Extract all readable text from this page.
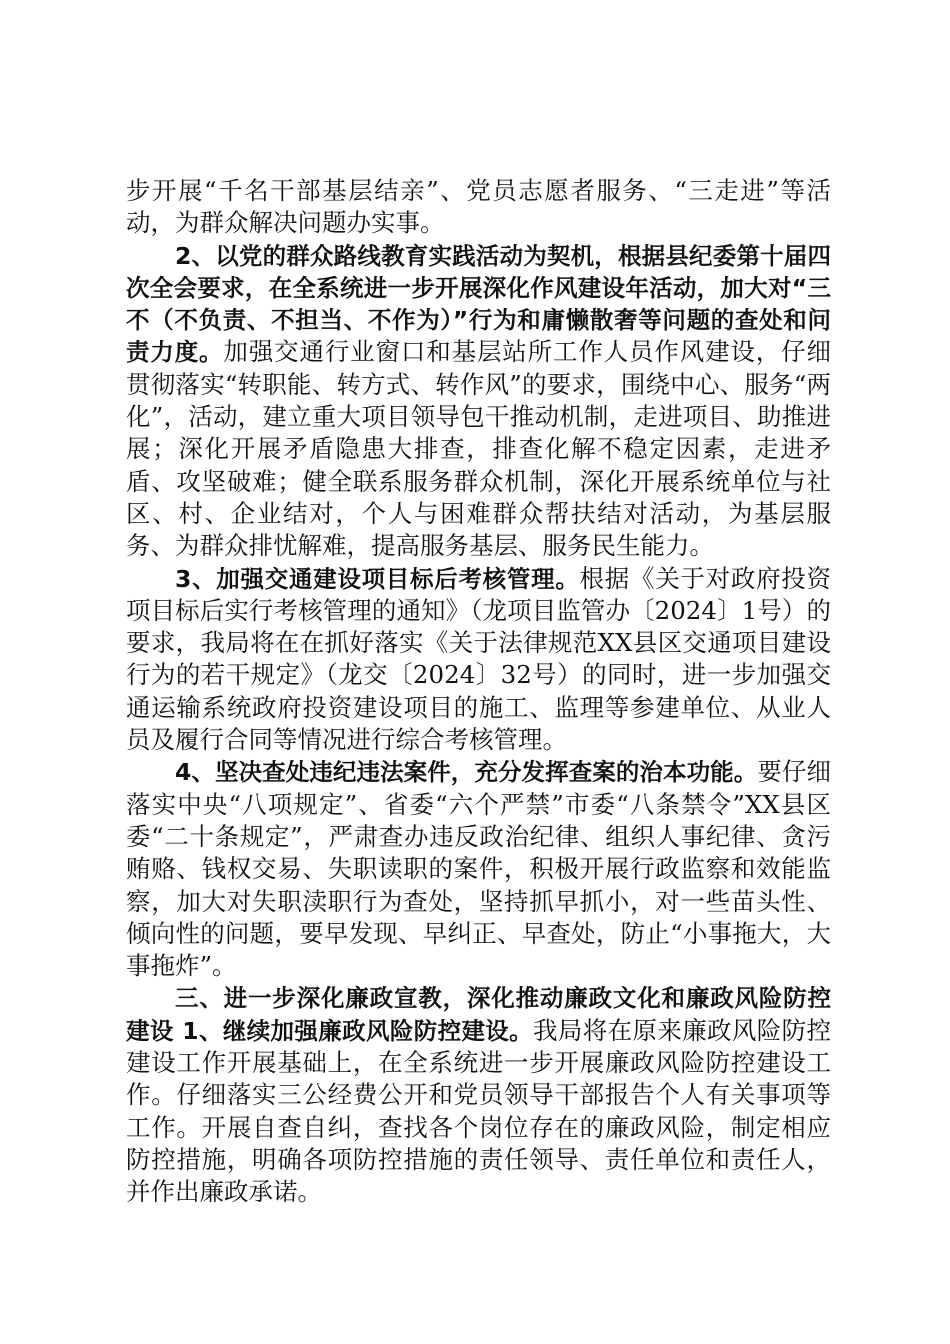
步开展“千名干部基层结亲”、党员志愿者服务、“三走进”等活动，为群众解决问题办实事。

2、以党的群众路线教育实践活动为契机，根据县纪委第十届四次全会要求，在全系统进一步开展深化作风建设年活动，加大对“三不（不负责、不担当、不作为）”行为和庸懒散奢等问题的查处和问责力度。加强交通行业窗口和基层站所工作人员作风建设，仔细贯彻落实“转职能、转方式、转作风”的要求，围绕中心、服务“两化”，活动，建立重大项目领导包干推动机制，走进项目、助推进展；深化开展矛盾隐患大排查，排查化解不稳定因素，走进矛盾、攻坚破难；健全联系服务群众机制，深化开展系统单位与社区、村、企业结对，个人与困难群众帮扶结对活动，为基层服务、为群众排忧解难，提高服务基层、服务民生能力。

3、加强交通建设项目标后考核管理。根据《关于对政府投资项目标后实行考核管理的通知》（龙项目监管办〔2024〕1号）的要求，我局将在在抓好落实《关于法律规范XX县区交通项目建设行为的若干规定》（龙交〔2024〕32号）的同时，进一步加强交通运输系统政府投资建设项目的施工、监理等参建单位、从业人员及履行合同等情况进行综合考核管理。

4、坚决查处违纪违法案件，充分发挥查案的治本功能。要仔细落实中央“八项规定”、省委“六个严禁”市委“八条禁令”XX县区委“二十条规定”，严肃查办违反政治纪律、组织人事纪律、贪污贿赂、钱权交易、失职读职的案件，积极开展行政监察和效能监察，加大对失职渎职行为查处，坚持抓早抓小，对一些苗头性、倾向性的问题，要早发现、早纠正、早查处，防止“小事拖大，大事拖炸”。

三、进一步深化廉政宣教，深化推动廉政文化和廉政风险防控建设 1、继续加强廉政风险防控建设。我局将在原来廉政风险防控建设工作开展基础上，在全系统进一步开展廉政风险防控建设工作。仔细落实三公经费公开和党员领导干部报告个人有关事项等工作。开展自查自纠，查找各个岗位存在的廉政风险，制定相应防控措施，明确各项防控措施的责任领导、责任单位和责任人，并作出廉政承诺。
